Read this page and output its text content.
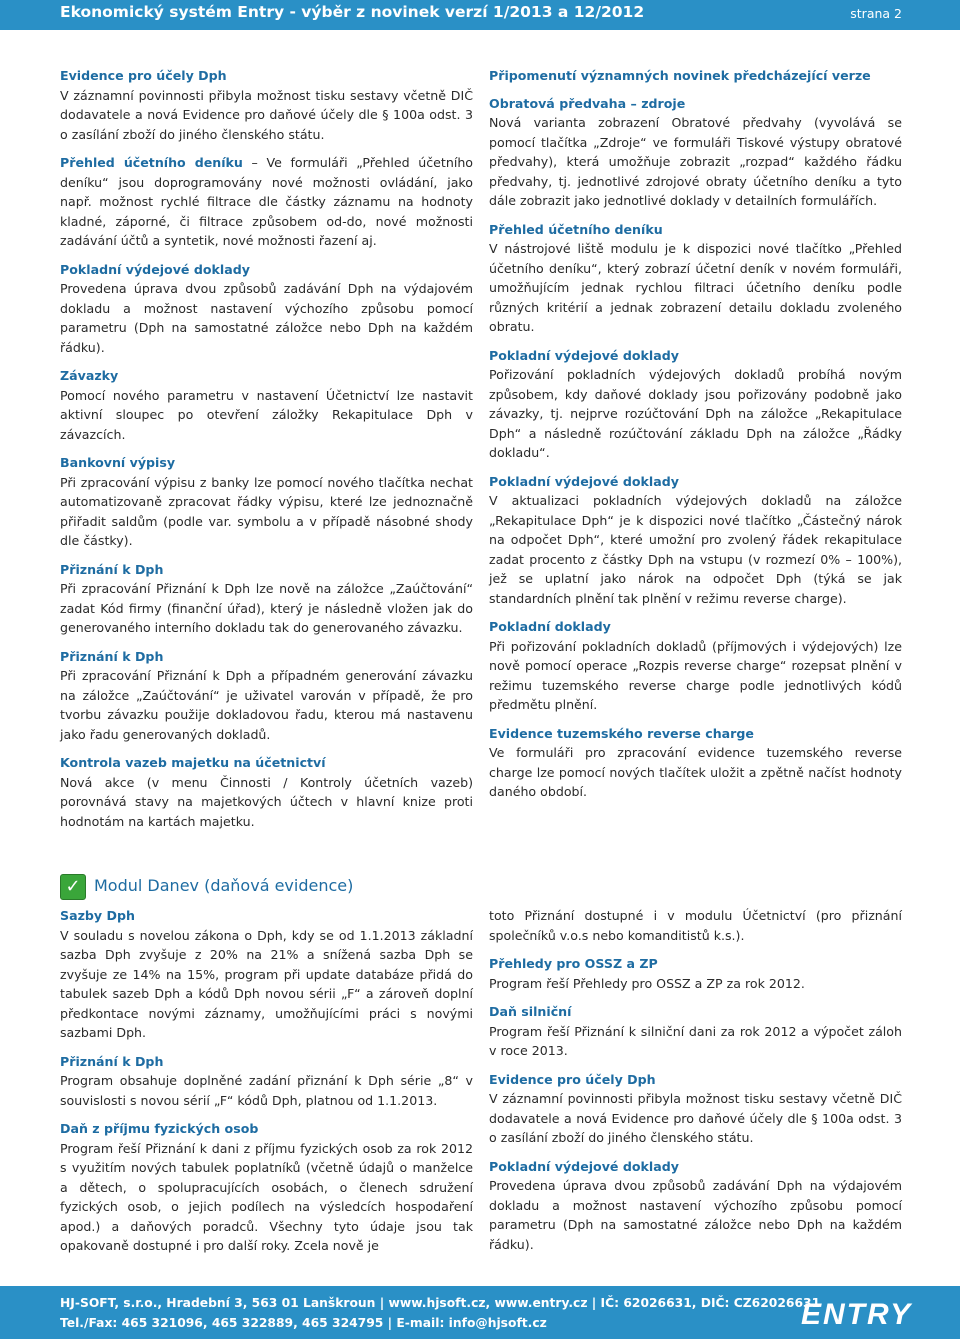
Ekonomický systém Entry - výběr z novinek verzí 1/2013 a 12/2012	strana 2
Evidence pro účely Dph

V záznamní povinnosti přibyla možnost tisku sestavy včetně DIČ dodavatele a nová Evidence pro daňové účely dle § 100a odst. 3 o zasílání zboží do jiného členského státu.

Přehled účetního deníku – Ve formuláři „Přehled účetního deníku“ jsou doprogramovány nové možnosti ovládání, jako např. možnost rychlé filtrace dle částky záznamu na hodnoty kladné, záporné, či filtrace způsobem od-do, nové možnosti zadávání účtů a syntetik, nové možnosti řazení aj.

Pokladní výdejové doklady

Provedena úprava dvou způsobů zadávání Dph na výdajovém dokladu a možnost nastavení výchozího způsobu pomocí parametru (Dph na samostatné záložce nebo Dph na každém řádku).

Závazky

Pomocí nového parametru v nastavení Účetnictví lze nastavit aktivní sloupec po otevření záložky Rekapitulace Dph v závazcích.

Bankovní výpisy

Při zpracování výpisu z banky lze pomocí nového tlačítka nechat automatizovaně zpracovat řádky výpisu, které lze jednoznačně přiřadit saldům (podle var. symbolu a v případě násobné shody dle částky).

Přiznání k Dph

Při zpracování Přiznání k Dph lze nově na záložce „Zaúčtování“ zadat Kód firmy (finanční úřad), který je následně vložen jak do generovaného interního dokladu tak do generovaného závazku.

Přiznání k Dph

Při zpracování Přiznání k Dph a případném generování závazku na záložce „Zaúčtování“ je uživatel varován v případě, že pro tvorbu závazku použije dokladovou řadu, kterou má nastavenu jako řadu generovaných dokladů.

Kontrola vazeb majetku na účetnictví

Nová akce (v menu Činnosti / Kontroly účetních vazeb) porovnává stavy na majetkových účtech v hlavní knize proti hodnotám na kartách majetku.

Připomenutí významných novinek předcházející verze
Obratová předvaha – zdroje

Nová varianta zobrazení Obratové předvahy (vyvolává se pomocí tlačítka „Zdroje“ ve formuláři Tiskové výstupy obratové předvahy), která umožňuje zobrazit „rozpad“ každého řádku předvahy, tj. jednotlivé zdrojové obraty účetního deníku a tyto dále zobrazit jako jednotlivé doklady v detailních formulářích.

Přehled účetního deníku

V nástrojové liště modulu je k dispozici nové tlačítko „Přehled účetního deníku“, který zobrazí účetní deník v novém formuláři, umožňujícím jednak rychlou filtraci účetního deníku podle různých kritérií a jednak zobrazení detailu dokladu zvoleného obratu.

Pokladní výdejové doklady

Pořizování pokladních výdejových dokladů probíhá novým způsobem, kdy daňové doklady jsou pořizovány podobně jako závazky, tj. nejprve rozúčtování Dph na záložce „Rekapitulace Dph“ a následně rozúčtování základu Dph na záložce „Řádky dokladu“.

Pokladní výdejové doklady

V aktualizaci pokladních výdejových dokladů na záložce „Rekapitulace Dph“ je k dispozici nové tlačítko „Částečný nárok na odpočet Dph“, které umožní pro zvolený řádek rekapitulace zadat procento z částky Dph na vstupu (v rozmezí 0% – 100%), jež se uplatní jako nárok na odpočet Dph (týká se jak standardních plnění tak plnění v režimu reverse charge).

Pokladní doklady

Při pořizování pokladních dokladů (příjmových i výdejových) lze nově pomocí operace „Rozpis reverse charge“ rozepsat plnění v režimu tuzemského reverse charge podle jednotlivých kódů předmětu plnění.

Evidence tuzemského reverse charge

Ve formuláři pro zpracování evidence tuzemského reverse charge lze pomocí nových tlačítek uložit a zpětně načíst hodnoty daného období.

✓ Modul Danev (daňová evidence)
Sazby Dph

V souladu s novelou zákona o Dph, kdy se od 1.1.2013 základní sazba Dph zvyšuje z 20% na 21% a snížená sazba Dph se zvyšuje ze 14% na 15%, program při update databáze přidá do tabulek sazeb Dph a kódů Dph novou sérii „F“ a zároveň doplní předkontace novými záznamy, umožňujícími práci s novými sazbami Dph.

Přiznání k Dph

Program obsahuje doplněné zadání přiznání k Dph série „8“ v souvislosti s novou sérií „F“ kódů Dph, platnou od 1.1.2013.

Daň z příjmu fyzických osob

Program řeší Přiznání k dani z příjmu fyzických osob za rok 2012 s využitím nových tabulek poplatníků (včetně údajů o manželce a dětech, o spolupracujících osobách, o členech sdružení fyzických osob, o jejich podílech na výsledcích hospodaření apod.) a daňových poradců. Všechny tyto údaje jsou tak opakovaně dostupné i pro další roky. Zcela nově je

toto Přiznání dostupné i v modulu Účetnictví (pro přiznání společníků v.o.s nebo komanditistů k.s.).

Přehledy pro OSSZ a ZP

Program řeší Přehledy pro OSSZ a ZP za rok 2012.

Daň silniční

Program řeší Přiznání k silniční dani za rok 2012 a výpočet záloh v roce 2013.

Evidence pro účely Dph

V záznamní povinnosti přibyla možnost tisku sestavy včetně DIČ dodavatele a nová Evidence pro daňové účely dle § 100a odst. 3 o zasílání zboží do jiného členského státu.

Pokladní výdejové doklady

Provedena úprava dvou způsobů zadávání Dph na výdajovém dokladu a možnost nastavení výchozího způsobu pomocí parametru (Dph na samostatné záložce nebo Dph na každém řádku).

HJ-SOFT, s.r.o., Hradební 3, 563 01 Lanškroun | www.hjsoft.cz, www.entry.cz | IČ: 62026631, DIČ: CZ62026631
Tel./Fax: 465 321096, 465 322889, 465 324795 | E-mail: info@hjsoft.cz	ENTRY
